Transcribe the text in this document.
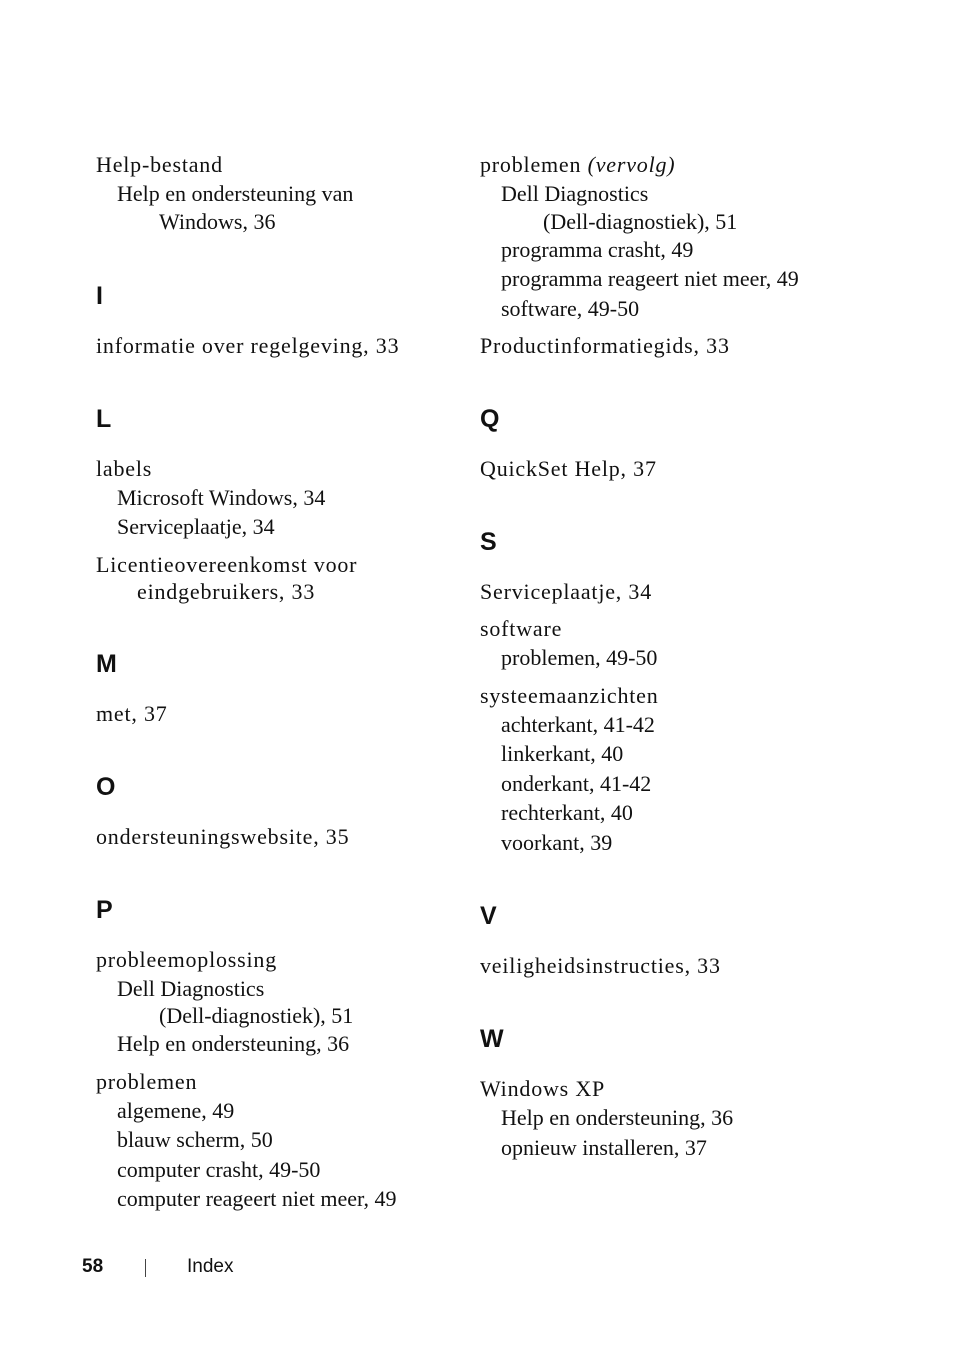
Help-bestand
Help en ondersteuning van
Windows, 36
I
informatie over regelgeving, 33
L
labels
Microsoft Windows, 34
Serviceplaatje, 34
Licentieovereenkomst voor
eindgebruikers, 33
M
met, 37
O
ondersteuningswebsite, 35
P
probleemoplossing
Dell Diagnostics
(Dell-diagnostiek), 51
Help en ondersteuning, 36
problemen
algemene, 49
blauw scherm, 50
computer crasht, 49-50
computer reageert niet meer, 49
problemen (vervolg)
Dell Diagnostics
(Dell-diagnostiek), 51
programma crasht, 49
programma reageert niet meer, 49
software, 49-50
Productinformatiegids, 33
Q
QuickSet Help, 37
S
Serviceplaatje, 34
software
problemen, 49-50
systeemaanzichten
achterkant, 41-42
linkerkant, 40
onderkant, 41-42
rechterkant, 40
voorkant, 39
V
veiligheidsinstructies, 33
W
Windows XP
Help en ondersteuning, 36
opnieuw installeren, 37
58	Index
